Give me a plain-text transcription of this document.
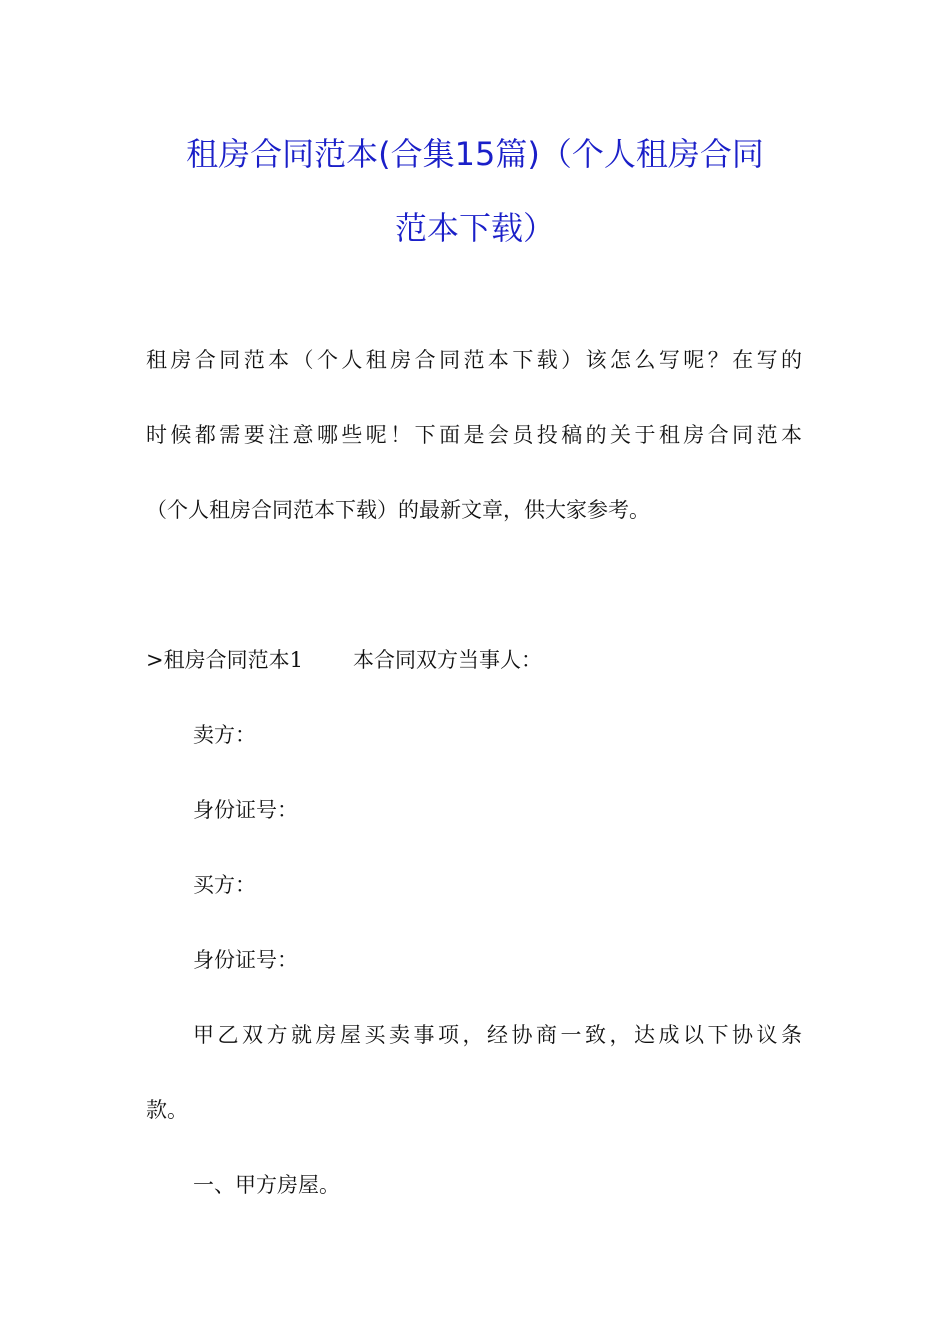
租房合同范本(合集15篇)（个人租房合同
范本下载）
租房合同范本（个人租房合同范本下载）该怎么写呢？在写的
时候都需要注意哪些呢！下面是会员投稿的关于租房合同范本
（个人租房合同范本下载）的最新文章，供大家参考。
>租房合同范本1 本合同双方当事人：
卖方：
身份证号：
买方：
身份证号：
甲乙双方就房屋买卖事项，经协商一致，达成以下协议条
款。
一、甲方房屋。
